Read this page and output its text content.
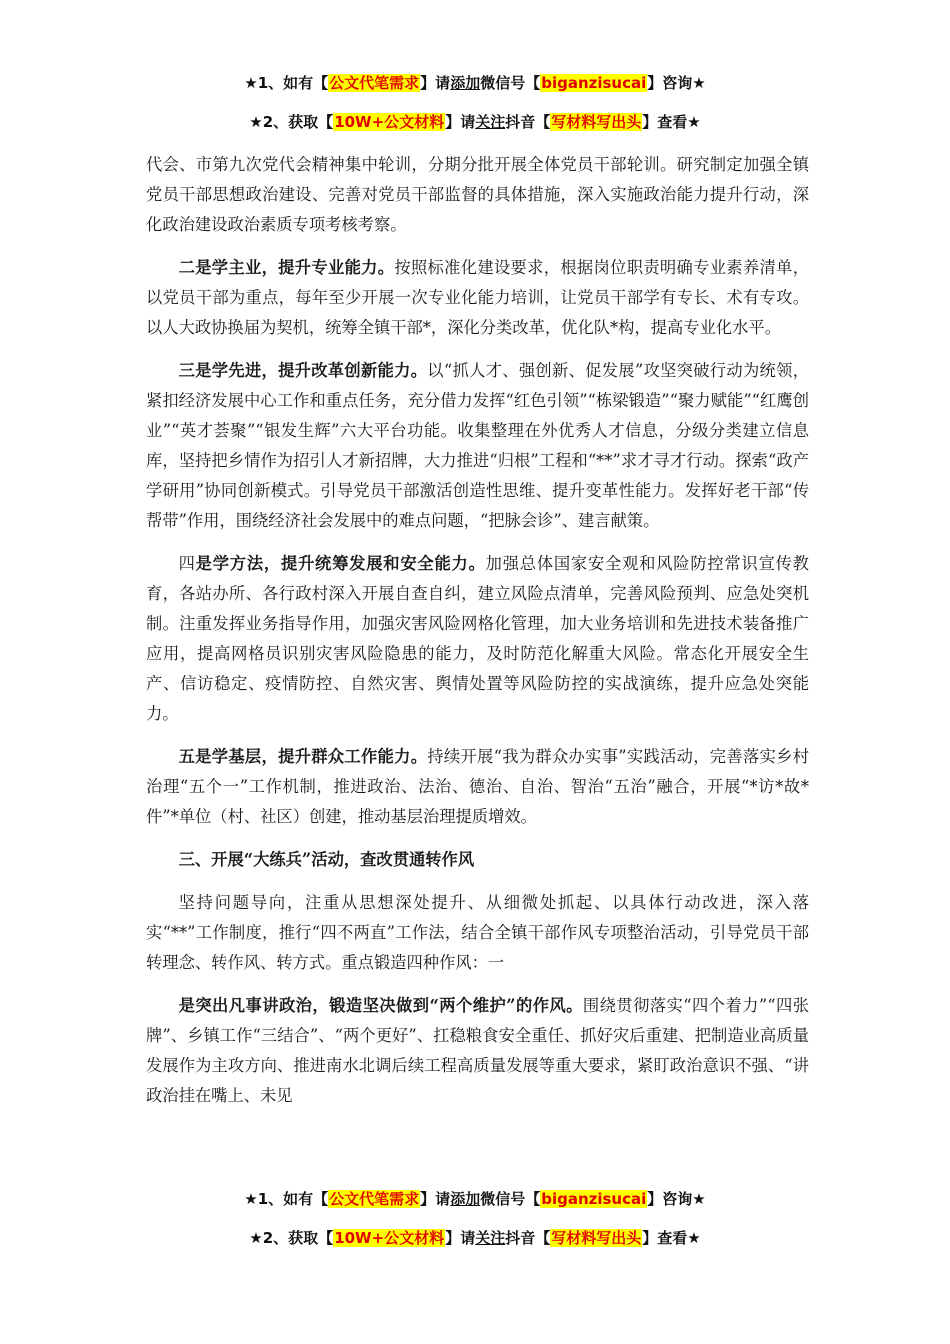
★1、如有【公文代笔需求】请添加微信号【biganzisucai】咨询★
★2、获取【10W+公文材料】请关注抖音【写材料写出头】查看★

代会、市第九次党代会精神集中轮训，分期分批开展全体党员干部轮训。研究制定加强全镇党员干部思想政治建设、完善对党员干部监督的具体措施，深入实施政治能力提升行动，深化政治建设政治素质专项考核考察。

二是学主业，提升专业能力。按照标准化建设要求，根据岗位职责明确专业素养清单，以党员干部为重点，每年至少开展一次专业化能力培训，让党员干部学有专长、术有专攻。以人大政协换届为契机，统筹全镇干部*，深化分类改革，优化队*构，提高专业化水平。

三是学先进，提升改革创新能力。以“抓人才、强创新、促发展”攻坚突破行动为统领，紧扣经济发展中心工作和重点任务，充分借力发挥“红色引领”“栋梁锻造”“聚力赋能”“红鹰创业”“英才荟聚”“银发生辉”六大平台功能。收集整理在外优秀人才信息，分级分类建立信息库，坚持把乡情作为招引人才新招牌，大力推进“归根”工程和“**”求才寻才行动。探索“政产学研用”协同创新模式。引导党员干部激活创造性思维、提升变革性能力。发挥好老干部“传帮带”作用，围绕经济社会发展中的难点问题，“把脉会诊”、建言献策。

四是学方法，提升统筹发展和安全能力。加强总体国家安全观和风险防控常识宣传教育，各站办所、各行政村深入开展自查自纠，建立风险点清单，完善风险预判、应急处突机制。注重发挥业务指导作用，加强灾害风险网格化管理，加大业务培训和先进技术装备推广应用，提高网格员识别灾害风险隐患的能力，及时防范化解重大风险。常态化开展安全生产、信访稳定、疫情防控、自然灾害、舆情处置等风险防控的实战演练，提升应急处突能力。

五是学基层，提升群众工作能力。持续开展“我为群众办实事”实践活动，完善落实乡村治理“五个一”工作机制，推进政治、法治、德治、自治、智治“五治”融合，开展“*访*故*件”*单位（村、社区）创建，推动基层治理提质增效。

三、开展“大练兵”活动，查改贯通转作风

坚持问题导向，注重从思想深处提升、从细微处抓起、以具体行动改进，深入落实“**”工作制度，推行“四不两直”工作法，结合全镇干部作风专项整治活动，引导党员干部转理念、转作风、转方式。重点锻造四种作风：一

是突出凡事讲政治，锻造坚决做到“两个维护”的作风。围绕贯彻落实“四个着力”“四张牌”、乡镇工作“三结合”、“两个更好”、扛稳粮食安全重任、抓好灾后重建、把制造业高质量发展作为主攻方向、推进南水北调后续工程高质量发展等重大要求，紧盯政治意识不强、“讲政治挂在嘴上、未见

★1、如有【公文代笔需求】请添加微信号【biganzisucai】咨询★
★2、获取【10W+公文材料】请关注抖音【写材料写出头】查看★
